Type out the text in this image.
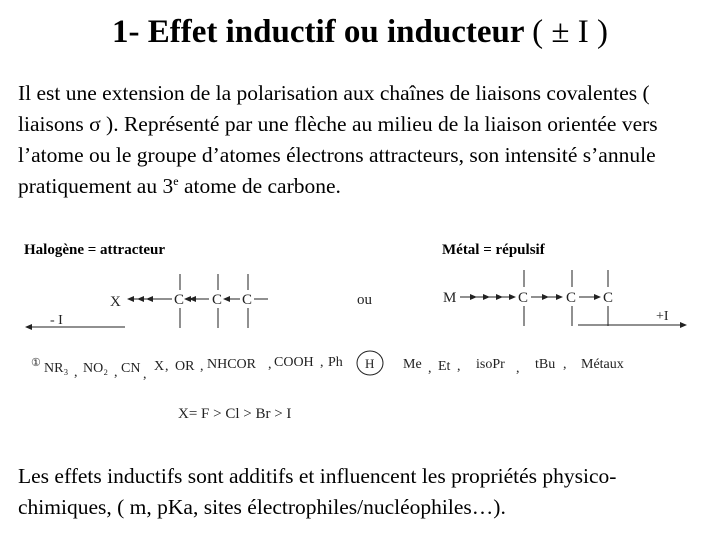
1- Effet inductif ou inducteur ( ± I )
Il est une extension de la polarisation aux chaînes de liaisons covalentes ( liaisons σ ). Représenté par une flèche au milieu de la liaison orientée vers l’atome ou le groupe d’atomes électrons attracteurs, son intensité s’annule pratiquement au 3e atome de carbone.
Halogène = attracteur	Métal = répulsif
X	C C C
- I
ou	M	C	C C
+I
① NR₃ , NO₂ , CN ,
X , OR , NHCOR , COOH , Ph H Me , Et , isoPr , tBu , Métaux
X= F > Cl > Br > I
Les effets inductifs sont additifs et influencent les propriétés physico-chimiques, ( m, pKa, sites électrophiles/nucléophiles…).
